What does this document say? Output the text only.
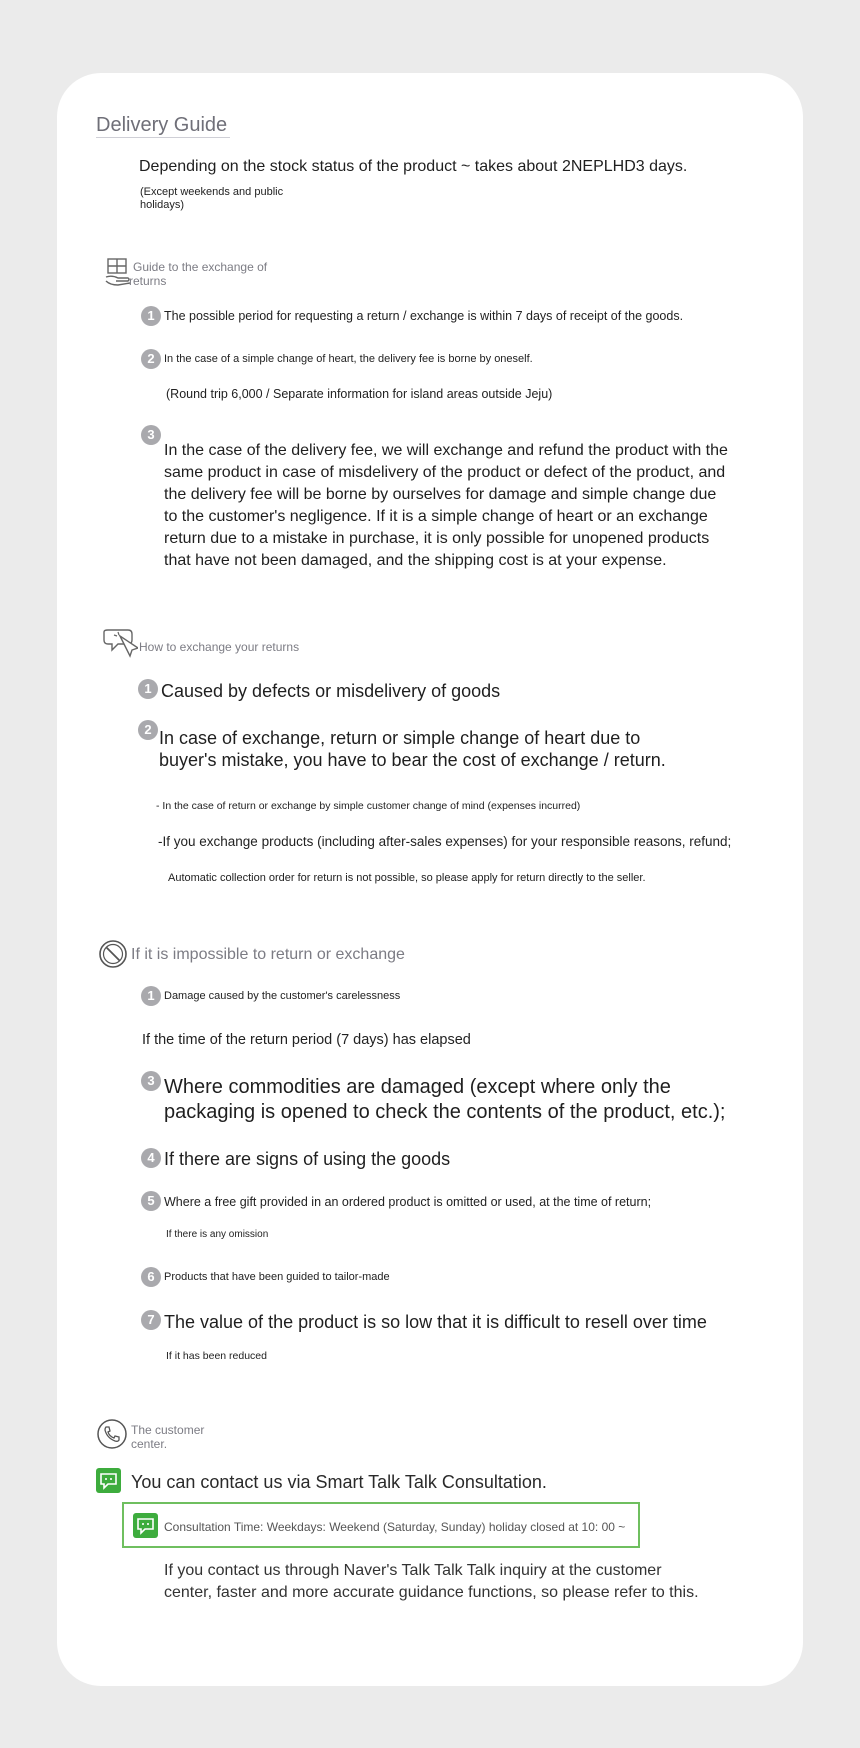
Delivery Guide
Depending on the stock status of the product ~ takes about 2NEPLHD3 days.
(Except weekends and public
holidays)
Guide to the exchange of
returns
1 The possible period for requesting a return / exchange is within 7 days of receipt of the goods.
2 In the case of a simple change of heart, the delivery fee is borne by oneself.
(Round trip 6,000 / Separate information for island areas outside Jeju)
3
In the case of the delivery fee, we will exchange and refund the product with the
same product in case of misdelivery of the product or defect of the product, and
the delivery fee will be borne by ourselves for damage and simple change due
to the customer's negligence. If it is a simple change of heart or an exchange
return due to a mistake in purchase, it is only possible for unopened products
that have not been damaged, and the shipping cost is at your expense.
How to exchange your returns
1 Caused by defects or misdelivery of goods
2 In case of exchange, return or simple change of heart due to
buyer's mistake, you have to bear the cost of exchange / return.
- In the case of return or exchange by simple customer change of mind (expenses incurred)
-If you exchange products (including after-sales expenses) for your responsible reasons, refund;
Automatic collection order for return is not possible, so please apply for return directly to the seller.
If it is impossible to return or exchange
1 Damage caused by the customer's carelessness
If the time of the return period (7 days) has elapsed
3 Where commodities are damaged (except where only the
packaging is opened to check the contents of the product, etc.);
4 If there are signs of using the goods
5 Where a free gift provided in an ordered product is omitted or used, at the time of return;
If there is any omission
6 Products that have been guided to tailor-made
7 The value of the product is so low that it is difficult to resell over time
If it has been reduced
The customer
center.
You can contact us via Smart Talk Talk Consultation.
Consultation Time: Weekdays: Weekend (Saturday, Sunday) holiday closed at 10: 00 ~
If you contact us through Naver's Talk Talk Talk inquiry at the customer
center, faster and more accurate guidance functions, so please refer to this.
